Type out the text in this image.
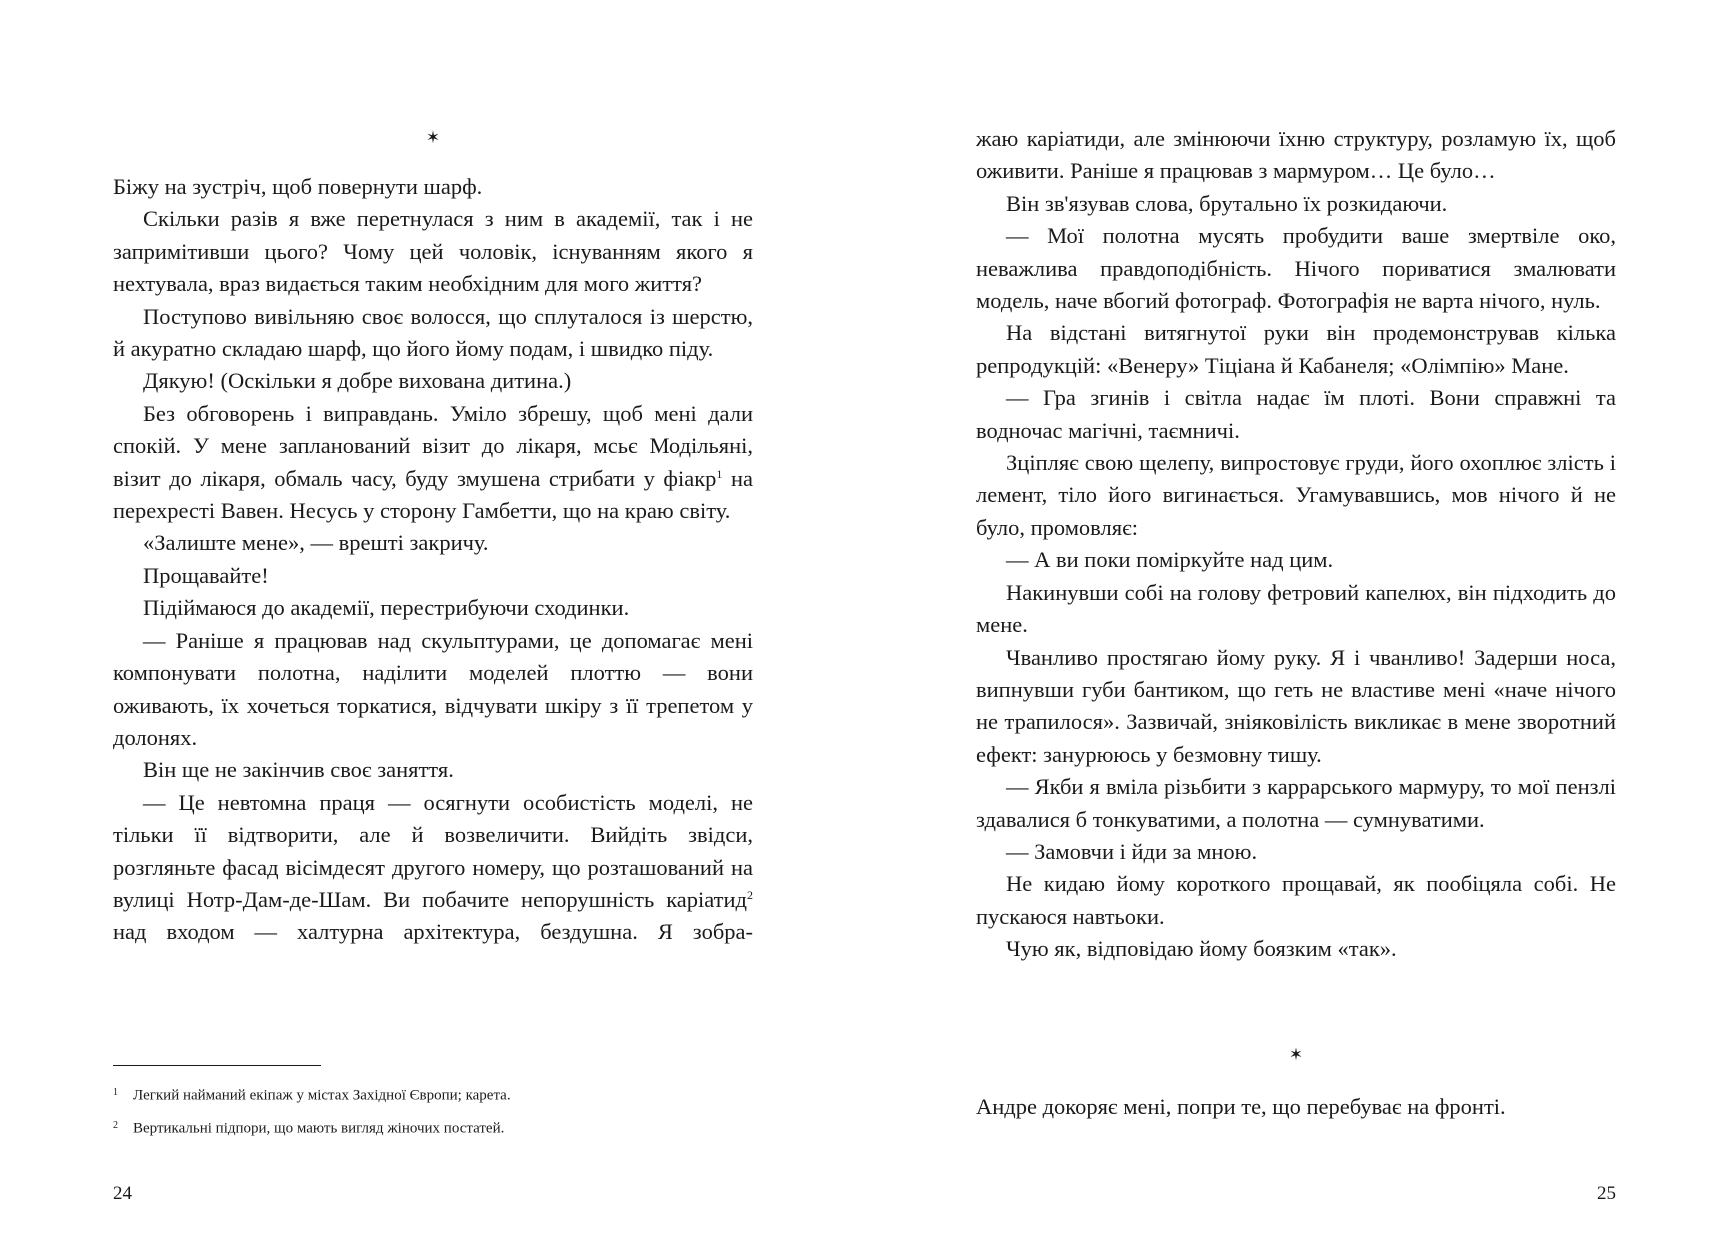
✶

Біжу на зустріч, щоб повернути шарф.

Скільки разів я вже перетнулася з ним в академії, так і не запримітивши цього? Чому цей чоловік, існуванням якого я нехтувала, враз видається таким необхідним для мого життя?

Поступово вивільняю своє волосся, що сплуталося із шерстю, й акуратно складаю шарф, що його йому подам, і швидко піду.

Дякую! (Оскільки я добре вихована дитина.)

Без обговорень і виправдань. Уміло збрешу, щоб мені дали спокій. У мене запланований візит до лікаря, мсьє Модільяні, візит до лікаря, обмаль часу, буду змушена стрибати у фіакр$^1$ на перехресті Вавен. Несусь у сторону Гамбетти, що на краю світу.

«Залиште мене», — врешті закричу.

Прощавайте!

Підіймаюся до академії, перестрибуючи сходинки.

— Раніше я працював над скульптурами, це допомагає мені компонувати полотна, наділити моделей плоттю — вони оживають, їх хочеться торкатися, відчувати шкіру з її трепетом у долонях.

Він ще не закінчив своє заняття.

— Це невтомна праця — осягнути особистість моделі, не тільки її відтворити, але й возвеличити. Вийдіть звідси, розгляньте фасад вісімдесят другого номеру, що розташований на вулиці Нотр-Дам-де-Шам. Ви побачите непорушність каріатид$^2$ над входом — халтурна архітектура, бездушна. Я зобра-

1 Легкий найманий екіпаж у містах Західної Європи; карета.

2 Вертикальні підпори, що мають вигляд жіночих постатей.

24

жаю каріатиди, але змінюючи їхню структуру, розламую їх, щоб оживити. Раніше я працював з мармуром… Це було…

Він зв'язував слова, брутально їх розкидаючи.

— Мої полотна мусять пробудити ваше змертвіле око, неважлива правдоподібність. Нічого пориватися змалювати модель, наче вбогий фотограф. Фотографія не варта нічого, нуль.

На відстані витягнутої руки він продемонстрував кілька репродукцій: «Венеру» Тіціана й Кабанеля; «Олімпію» Мане.

— Гра згинів і світла надає їм плоті. Вони справжні та водночас магічні, таємничі.

Зціпляє свою щелепу, випростовує груди, його охоплює злість і лемент, тіло його вигинається. Угамувавшись, мов нічого й не було, промовляє:

— А ви поки поміркуйте над цим.

Накинувши собі на голову фетровий капелюх, він підходить до мене.

Чванливо простягаю йому руку. Я і чванливо! Задерши носа, випнувши губи бантиком, що геть не властиве мені «наче нічого не трапилося». Зазвичай, зніяковілість викликає в мене зворотний ефект: занурююсь у безмовну тишу.

— Якби я вміла різьбити з каррарського мармуру, то мої пензлі здавалися б тонкуватими, а полотна — сумнуватими.

— Замовчи і йди за мною.

Не кидаю йому короткого прощавай, як пообіцяла собі. Не пускаюся навтьоки.

Чую як, відповідаю йому боязким «так».

✶

Андре докоряє мені, попри те, що перебуває на фронті.

25
